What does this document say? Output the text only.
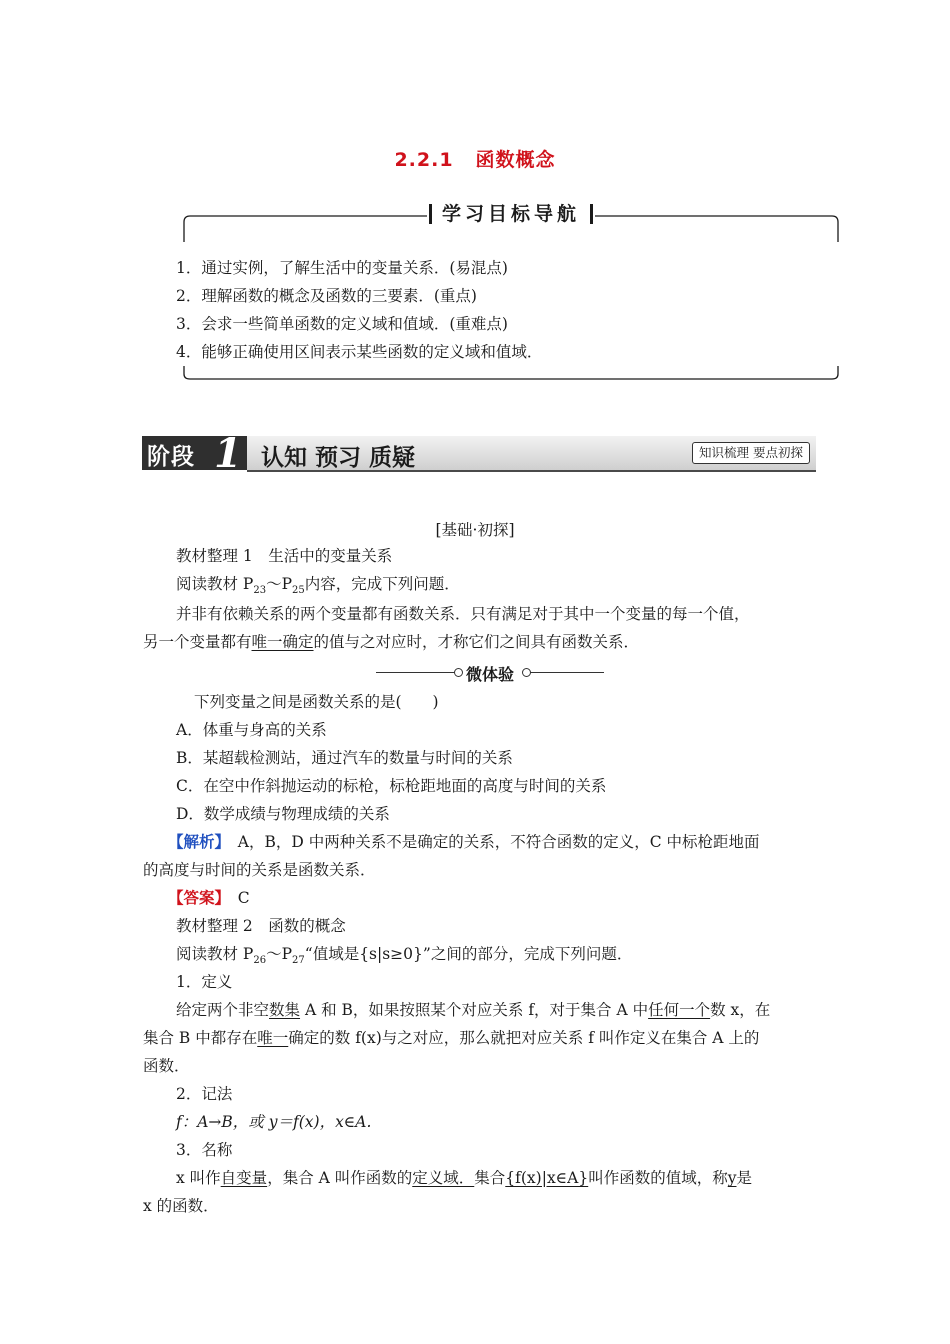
2.2.1 函数概念
学习目标导航
1．通过实例，了解生活中的变量关系．(易混点)
2．理解函数的概念及函数的三要素．(重点)
3．会求一些简单函数的定义域和值域．(重难点)
4．能够正确使用区间表示某些函数的定义域和值域．
阶段 1 认知 预习 质疑	知识梳理 要点初探
[基础·初探]
教材整理 1　生活中的变量关系
阅读教材 $P_{23}\sim P_{25}$内容，完成下列问题．
并非有依赖关系的两个变量都有函数关系．只有满足对于其中一个变量的每一个值，
另一个变量都有唯一确定的值与之对应时，才称它们之间具有函数关系．
微体验
下列变量之间是函数关系的是(　　)
A．体重与身高的关系
B．某超载检测站，通过汽车的数量与时间的关系
C．在空中作斜抛运动的标枪，标枪距地面的高度与时间的关系
D．数学成绩与物理成绩的关系
【解析】　A，B，D 中两种关系不是确定的关系，不符合函数的定义，C 中标枪距地面
的高度与时间的关系是函数关系．
【答案】　C
教材整理 2　函数的概念
阅读教材 $P_{26}\sim P_{27}“$值域是{s|s≥0}”之间的部分，完成下列问题．
1．定义
给定两个非空数集 A 和 B，如果按照某个对应关系 f，对于集合 A 中任何一个数 x，在
集合 B 中都存在唯一确定的数 f(x)与之对应，那么就把对应关系 f 叫作定义在集合 A 上的
函数．
2．记法
f：A→B，或 y＝f(x)，x∈A.
3．名称
x 叫作自变量，集合 A 叫作函数的定义域．集合{f(x)|x∈A}叫作函数的值域，称y是
x 的函数．
